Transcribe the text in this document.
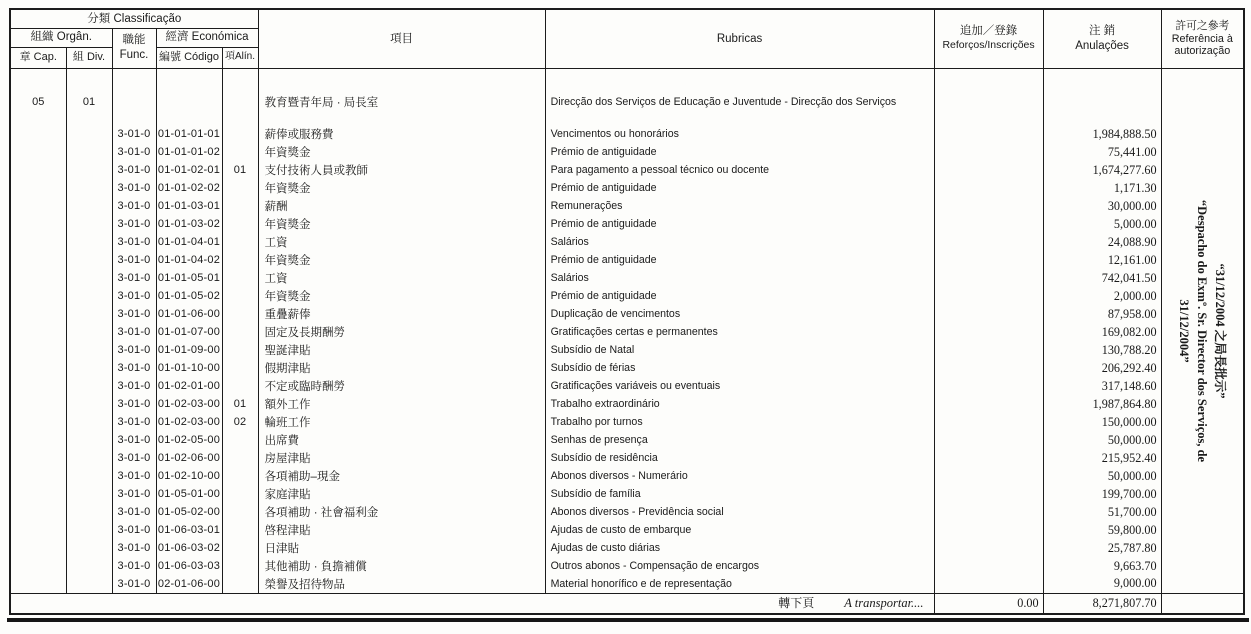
分類 Classificação	項目	Rubricas	
追加／登錄
Reforços/Inscrições

注 銷
Anulações

許可之參考
Referência à
autorização

組織 Orgân.		職能
Func.	經濟 Económica						
章 Cap.	組 Div.		編號 Código	項Alín.					

									“31/12/2004 之局長批示”
“Despacho do Exmº. Sr. Director dos Serviços, de
31/12/2004”

05	01				教育暨青年局 · 局長室	Direcção dos Serviços de Educação e Juventude - Direcção dos Serviços			

		3-01-0	01-01-01-01		薪俸或服務費	Vencimentos ou honorários		1,984,888.50	
		3-01-0	01-01-01-02		年資獎金	Prémio de antiguidade		75,441.00	
		3-01-0	01-01-02-01	01	支付技術人員或教師	Para pagamento a pessoal técnico ou docente		1,674,277.60	
		3-01-0	01-01-02-02		年資獎金	Prémio de antiguidade		1,171.30	
		3-01-0	01-01-03-01		薪酬	Remunerações		30,000.00	
		3-01-0	01-01-03-02		年資獎金	Prémio de antiguidade		5,000.00	
		3-01-0	01-01-04-01		工資	Salários		24,088.90	
		3-01-0	01-01-04-02		年資獎金	Prémio de antiguidade		12,161.00	
		3-01-0	01-01-05-01		工資	Salários		742,041.50	
		3-01-0	01-01-05-02		年資獎金	Prémio de antiguidade		2,000.00	
		3-01-0	01-01-06-00		重疊薪俸	Duplicação de vencimentos		87,958.00	
		3-01-0	01-01-07-00		固定及長期酬勞	Gratificações certas e permanentes		169,082.00	
		3-01-0	01-01-09-00		聖誕津貼	Subsídio de Natal		130,788.20	
		3-01-0	01-01-10-00		假期津貼	Subsídio de férias		206,292.40	
		3-01-0	01-02-01-00		不定或臨時酬勞	Gratificações variáveis ou eventuais		317,148.60	
		3-01-0	01-02-03-00	01	額外工作	Trabalho extraordinário		1,987,864.80	
		3-01-0	01-02-03-00	02	輪班工作	Trabalho por turnos		150,000.00	
		3-01-0	01-02-05-00		出席費	Senhas de presença		50,000.00	
		3-01-0	01-02-06-00		房屋津貼	Subsídio de residência		215,952.40	
		3-01-0	01-02-10-00		各項補助–現金	Abonos diversos - Numerário		50,000.00	
		3-01-0	01-05-01-00		家庭津貼	Subsídio de família		199,700.00	
		3-01-0	01-05-02-00		各項補助 · 社會福利金	Abonos diversos - Previdência social		51,700.00	
		3-01-0	01-06-03-01		啓程津貼	Ajudas de custo de embarque		59,800.00	
		3-01-0	01-06-03-02		日津貼	Ajudas de custo diárias		25,787.80	
		3-01-0	01-06-03-03		其他補助 · 負擔補償	Outros abonos - Compensação de encargos		9,663.70	
		3-01-0	02-01-06-00		榮譽及招待物品	Material honorífico e de representação		9,000.00	
轉下頁 A transportar....							0.00	8,271,807.70	
